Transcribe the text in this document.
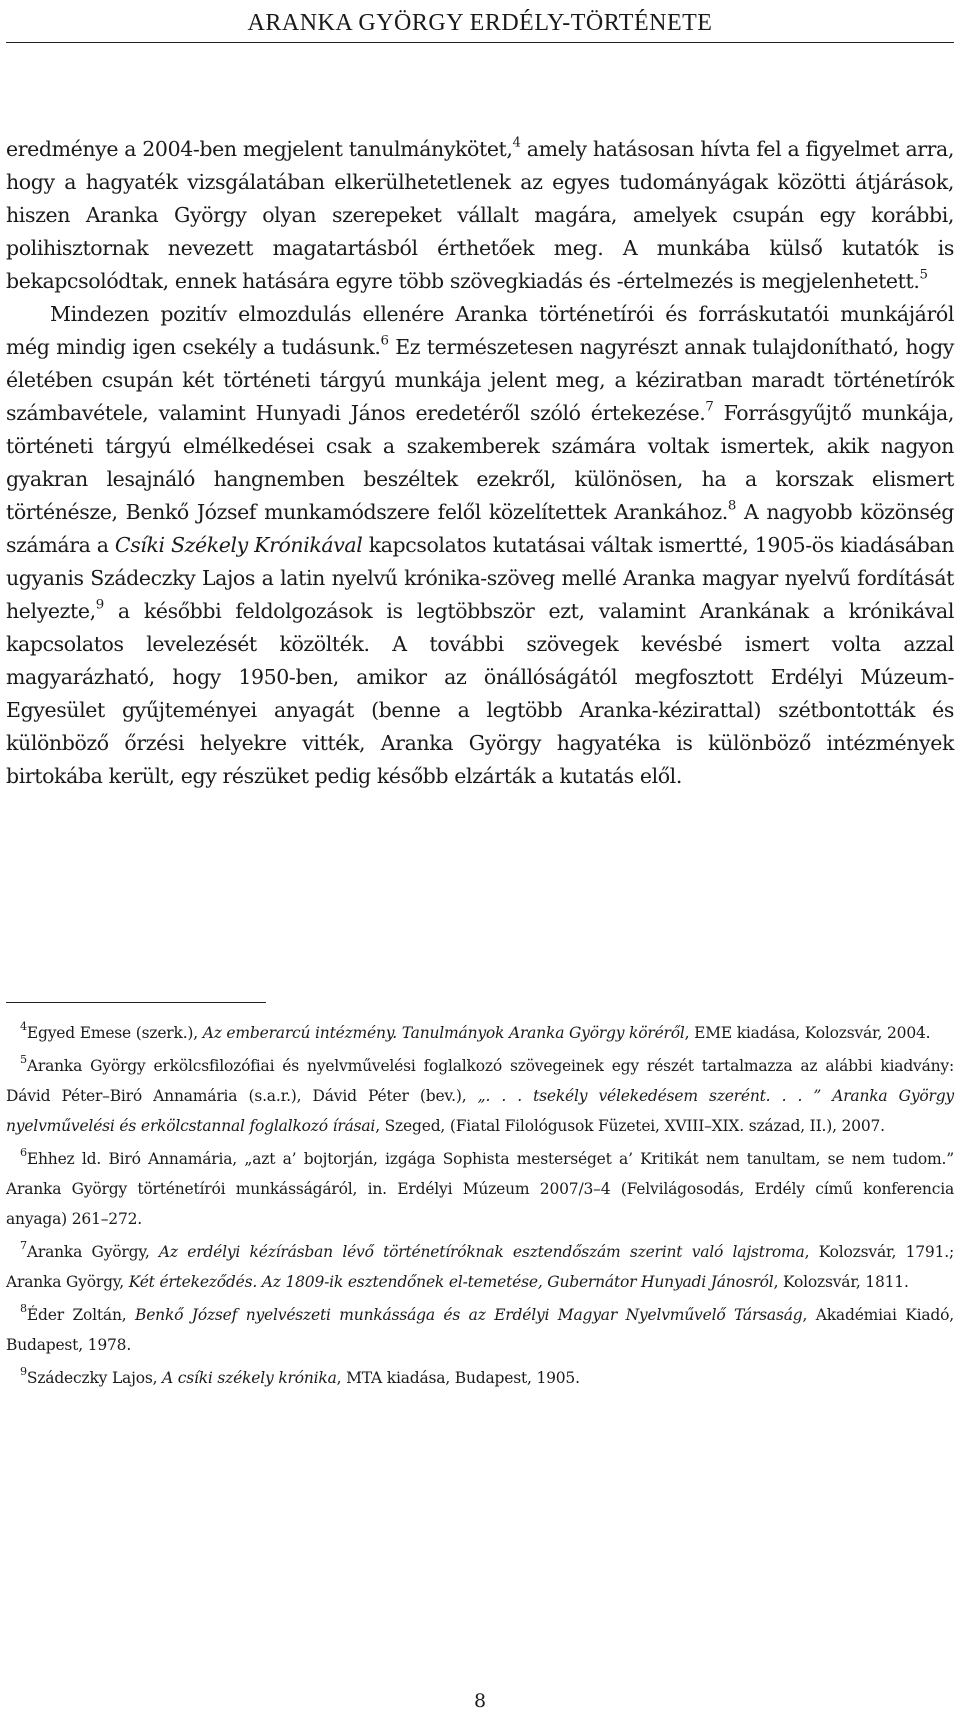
ARANKA GYÖRGY ERDÉLY-TÖRTÉNETE

eredménye a 2004-ben megjelent tanulmánykötet,$^4$ amely hatásosan hívta fel a figyelmet arra, hogy a hagyaték vizsgálatában elkerülhetetlenek az egyes tudományágak közötti átjárások, hiszen Aranka György olyan szerepeket vállalt magára, amelyek csupán egy korábbi, polihisztornak nevezett magatartásból érthetőek meg. A munkába külső kutatók is bekapcsolódtak, ennek hatására egyre több szövegkiadás és -értelmezés is megjelenhetett.$^5$

Mindezen pozitív elmozdulás ellenére Aranka történetírói és forráskutatói munkájáról még mindig igen csekély a tudásunk.$^6$ Ez természetesen nagyrészt annak tulajdonítható, hogy életében csupán két történeti tárgyú munkája jelent meg, a kéziratban maradt történetírók számbavétele, valamint Hunyadi János eredetéről szóló értekezése.$^7$ Forrásgyűjtő munkája, történeti tárgyú elmélkedései csak a szakemberek számára voltak ismertek, akik nagyon gyakran lesajnáló hangnemben beszéltek ezekről, különösen, ha a korszak elismert történésze, Benkő József munkamódszere felől közelítettek Arankához.$^8$ A nagyobb közönség számára a Csíki Székely Krónikával kapcsolatos kutatásai váltak ismertté, 1905-ös kiadásában ugyanis Szádeczky Lajos a latin nyelvű krónika-szöveg mellé Aranka magyar nyelvű fordítását helyezte,$^9$ a későbbi feldolgozások is legtöbbször ezt, valamint Arankának a krónikával kapcsolatos levelezését közölték. A további szövegek kevésbé ismert volta azzal magyarázható, hogy 1950-ben, amikor az önállóságától megfosztott Erdélyi Múzeum-Egyesület gyűjteményei anyagát (benne a legtöbb Aranka-kézirattal) szétbontották és különböző őrzési helyekre vitték, Aranka György hagyatéka is különböző intézmények birtokába került, egy részüket pedig később elzárták a kutatás elől.

$^4$Egyed Emese (szerk.), Az emberarcú intézmény. Tanulmányok Aranka György köréről, EME kiadása, Kolozsvár, 2004.

$^5$Aranka György erkölcsfilozófiai és nyelvművelési foglalkozó szövegeinek egy részét tartalmazza az alábbi kiadvány: Dávid Péter–Biró Annamária (s.a.r.), Dávid Péter (bev.), „. . . tsekély vélekedésem szerént. . . ” Aranka György nyelvművelési és erkölcstannal foglalkozó írásai, Szeged, (Fiatal Filológusok Füzetei, XVIII–XIX. század, II.), 2007.

$^6$Ehhez ld. Biró Annamária, „azt a’ bojtorján, izgága Sophista mesterséget a’ Kritikát nem tanultam, se nem tudom.” Aranka György történetírói munkásságáról, in. Erdélyi Múzeum 2007/3–4 (Felvilágosodás, Erdély című konferencia anyaga) 261–272.

$^7$Aranka György, Az erdélyi kézírásban lévő történetíróknak esztendőszám szerint való lajstroma, Kolozsvár, 1791.; Aranka György, Két értekeződés. Az 1809-ik esztendőnek el-temetése, Gubernátor Hunyadi Jánosról, Kolozsvár, 1811.

$^8$Éder Zoltán, Benkő József nyelvészeti munkássága és az Erdélyi Magyar Nyelvművelő Társaság, Akadémiai Kiadó, Budapest, 1978.

$^9$Szádeczky Lajos, A csíki székely krónika, MTA kiadása, Budapest, 1905.

8
